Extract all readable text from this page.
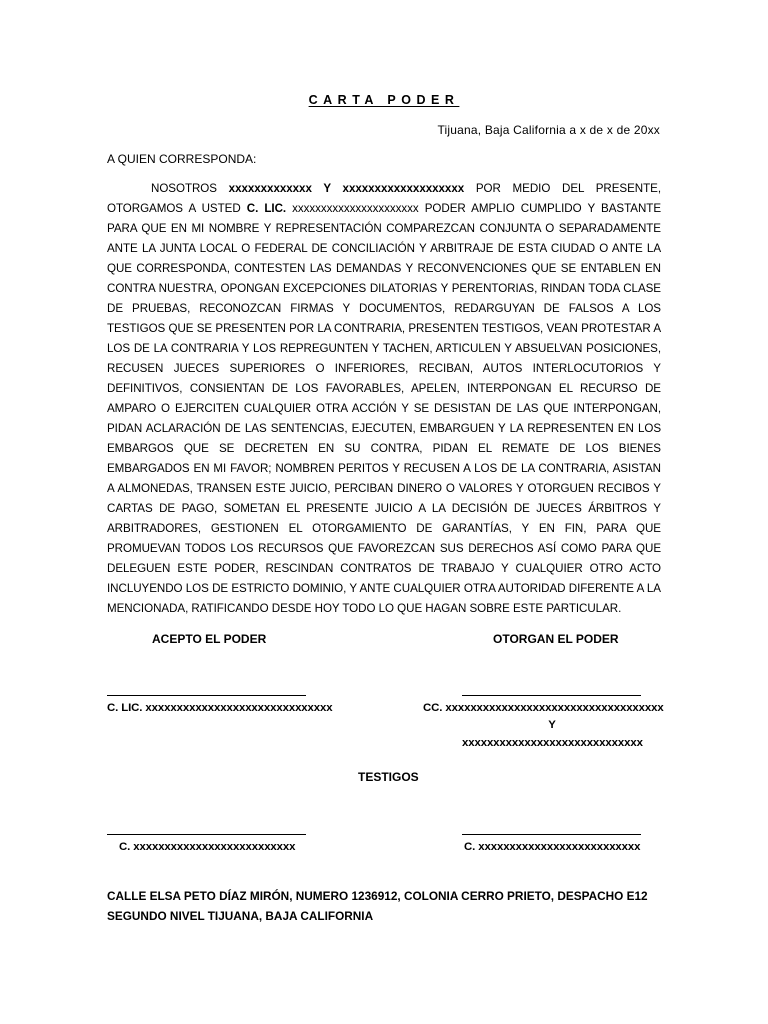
CARTA PODER
Tijuana, Baja California a x de x de 20xx
A QUIEN CORRESPONDA:
NOSOTROS xxxxxxxxxxxxx Y xxxxxxxxxxxxxxxxxxx POR MEDIO DEL PRESENTE, OTORGAMOS A USTED C. LIC. xxxxxxxxxxxxxxxxxxxxxx PODER AMPLIO CUMPLIDO Y BASTANTE PARA QUE EN MI NOMBRE Y REPRESENTACIÓN COMPAREZCAN CONJUNTA O SEPARADAMENTE ANTE LA JUNTA LOCAL O FEDERAL DE CONCILIACIÓN Y ARBITRAJE DE ESTA CIUDAD O ANTE LA QUE CORRESPONDA, CONTESTEN LAS DEMANDAS Y RECONVENCIONES QUE SE ENTABLEN EN CONTRA NUESTRA, OPONGAN EXCEPCIONES DILATORIAS Y PERENTORIAS, RINDAN TODA CLASE DE PRUEBAS, RECONOZCAN FIRMAS Y DOCUMENTOS, REDARGUYAN DE FALSOS A LOS TESTIGOS QUE SE PRESENTEN POR LA CONTRARIA, PRESENTEN TESTIGOS, VEAN PROTESTAR A LOS DE LA CONTRARIA Y LOS REPREGUNTEN Y TACHEN, ARTICULEN Y ABSUELVAN POSICIONES, RECUSEN JUECES SUPERIORES O INFERIORES, RECIBAN, AUTOS INTERLOCUTORIOS Y DEFINITIVOS, CONSIENTAN DE LOS FAVORABLES, APELEN, INTERPONGAN EL RECURSO DE AMPARO O EJERCITEN CUALQUIER OTRA ACCIÓN Y SE DESISTAN DE LAS QUE INTERPONGAN, PIDAN ACLARACIÓN DE LAS SENTENCIAS, EJECUTEN, EMBARGUEN Y LA REPRESENTEN EN LOS EMBARGOS QUE SE DECRETEN EN SU CONTRA, PIDAN EL REMATE DE LOS BIENES EMBARGADOS EN MI FAVOR; NOMBREN PERITOS Y RECUSEN A LOS DE LA CONTRARIA, ASISTAN A ALMONEDAS, TRANSEN ESTE JUICIO, PERCIBAN DINERO O VALORES Y OTORGUEN RECIBOS Y CARTAS DE PAGO, SOMETAN EL PRESENTE JUICIO A LA DECISIÓN DE JUECES ÁRBITROS Y ARBITRADORES, GESTIONEN EL OTORGAMIENTO DE GARANTÍAS, Y EN FIN, PARA QUE PROMUEVAN TODOS LOS RECURSOS QUE FAVOREZCAN SUS DERECHOS ASÍ COMO PARA QUE DELEGUEN ESTE PODER, RESCINDAN CONTRATOS DE TRABAJO Y CUALQUIER OTRO ACTO INCLUYENDO LOS DE ESTRICTO DOMINIO, Y ANTE CUALQUIER OTRA AUTORIDAD DIFERENTE A LA MENCIONADA, RATIFICANDO DESDE HOY TODO LO QUE HAGAN SOBRE ESTE PARTICULAR.
ACEPTO EL PODER	OTORGAN EL PODER
C. LIC. xxxxxxxxxxxxxxxxxxxxxxxxxxxxxx	CC. xxxxxxxxxxxxxxxxxxxxxxxxxxxxxxxxxxx
Y
xxxxxxxxxxxxxxxxxxxxxxxxxxxxx
TESTIGOS
C. xxxxxxxxxxxxxxxxxxxxxxxxxx	C. xxxxxxxxxxxxxxxxxxxxxxxxxx
CALLE ELSA PETO DÍAZ MIRÓN, NUMERO 1236912, COLONIA CERRO PRIETO, DESPACHO E12
SEGUNDO NIVEL TIJUANA, BAJA CALIFORNIA
